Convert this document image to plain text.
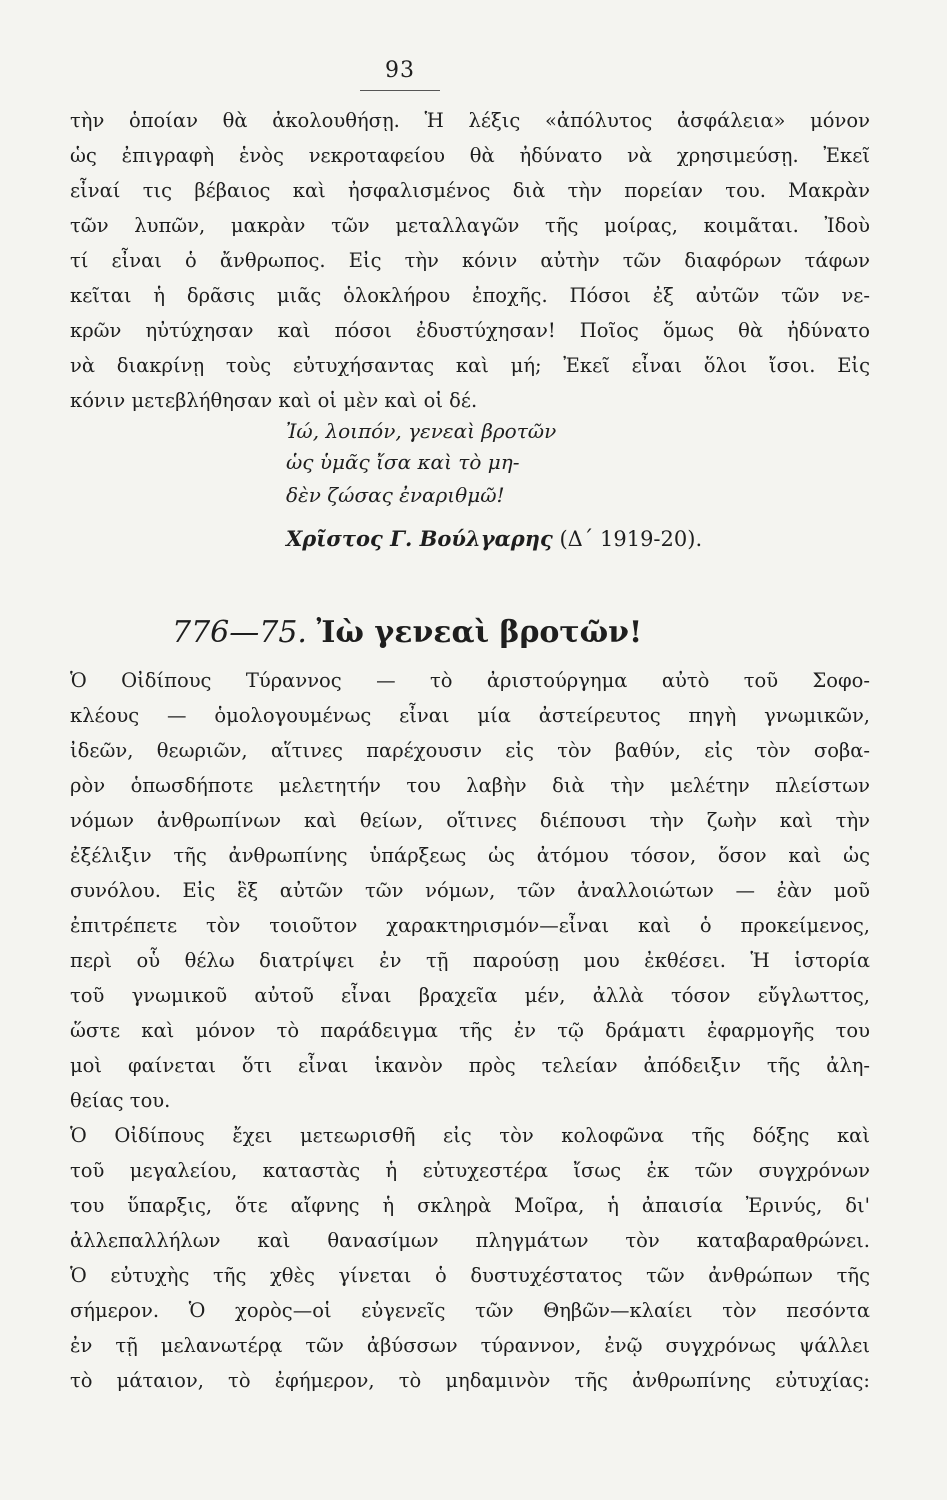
93
τὴν ὁποίαν θὰ ἀκολουθήσῃ. Ἡ λέξις «ἀπόλυτος ἀσφάλεια» μόνον
ὡς ἐπιγραφὴ ἑνὸς νεκροταφείου θὰ ἠδύνατο νὰ χρησιμεύσῃ. Ἐκεῖ
εἶναί τις βέβαιος καὶ ἠσφαλισμένος διὰ τὴν πορείαν του. Μακρὰν
τῶν λυπῶν, μακρὰν τῶν μεταλλαγῶν τῆς μοίρας, κοιμᾶται. Ἰδοὺ
τί εἶναι ὁ ἄνθρωπος. Εἰς τὴν κόνιν αὐτὴν τῶν διαφόρων τάφων
κεῖται ἡ δρᾶσις μιᾶς ὁλοκλήρου ἐποχῆς. Πόσοι ἐξ αὐτῶν τῶν νε-
κρῶν ηὐτύχησαν καὶ πόσοι ἐδυστύχησαν! Ποῖος ὅμως θὰ ἠδύνατο
νὰ διακρίνῃ τοὺς εὐτυχήσαντας καὶ μή; Ἐκεῖ εἶναι ὅλοι ἴσοι. Εἰς
κόνιν μετεβλήθησαν καὶ οἱ μὲν καὶ οἱ δέ.
Ἰώ, λοιπόν, γενεαὶ βροτῶν
ὡς ὑμᾶς ἴσα καὶ τὸ μη-
δὲν ζώσας ἐναριθμῶ!
Χρῖστος Γ. Βούλγαρης (Δ΄ 1919-20).
776—75. Ἰὼ γενεαὶ βροτῶν!
Ὁ Οἰδίπους Τύραννος — τὸ ἀριστούργημα αὐτὸ τοῦ Σοφο-
κλέους — ὁμολογουμένως εἶναι μία ἀστείρευτος πηγὴ γνωμικῶν,
ἰδεῶν, θεωριῶν, αἵτινες παρέχουσιν εἰς τὸν βαθύν, εἰς τὸν σοβα-
ρὸν ὁπωσδήποτε μελετητήν του λαβὴν διὰ τὴν μελέτην πλείστων
νόμων ἀνθρωπίνων καὶ θείων, οἵτινες διέπουσι τὴν ζωὴν καὶ τὴν
ἐξέλιξιν τῆς ἀνθρωπίνης ὑπάρξεως ὡς ἀτόμου τόσον, ὅσον καὶ ὡς
συνόλου. Εἰς ἓξ αὐτῶν τῶν νόμων, τῶν ἀναλλοιώτων — ἐὰν μοῦ
ἐπιτρέπετε τὸν τοιοῦτον χαρακτηρισμόν—εἶναι καὶ ὁ προκείμενος,
περὶ οὗ θέλω διατρίψει ἐν τῇ παρούσῃ μου ἐκθέσει. Ἡ ἱστορία
τοῦ γνωμικοῦ αὐτοῦ εἶναι βραχεῖα μέν, ἀλλὰ τόσον εὔγλωττος,
ὥστε καὶ μόνον τὸ παράδειγμα τῆς ἐν τῷ δράματι ἐφαρμογῆς του
μοὶ φαίνεται ὅτι εἶναι ἱκανὸν πρὸς τελείαν ἀπόδειξιν τῆς ἀλη-
θείας του.
Ὁ Οἰδίπους ἔχει μετεωρισθῆ εἰς τὸν κολοφῶνα τῆς δόξης καὶ
τοῦ μεγαλείου, καταστὰς ἡ εὐτυχεστέρα ἴσως ἐκ τῶν συγχρόνων
του ὕπαρξις, ὅτε αἴφνης ἡ σκληρὰ Μοῖρα, ἡ ἀπαισία Ἐρινύς, δι'
ἀλλεπαλλήλων καὶ θανασίμων πληγμάτων τὸν καταβαραθρώνει.
Ὁ εὐτυχὴς τῆς χθὲς γίνεται ὁ δυστυχέστατος τῶν ἀνθρώπων τῆς
σήμερον. Ὁ χορὸς—οἱ εὐγενεῖς τῶν Θηβῶν—κλαίει τὸν πεσόντα
ἐν τῇ μελανωτέρᾳ τῶν ἀβύσσων τύραννον, ἐνῷ συγχρόνως ψάλλει
τὸ μάταιον, τὸ ἐφήμερον, τὸ μηδαμινὸν τῆς ἀνθρωπίνης εὐτυχίας:
